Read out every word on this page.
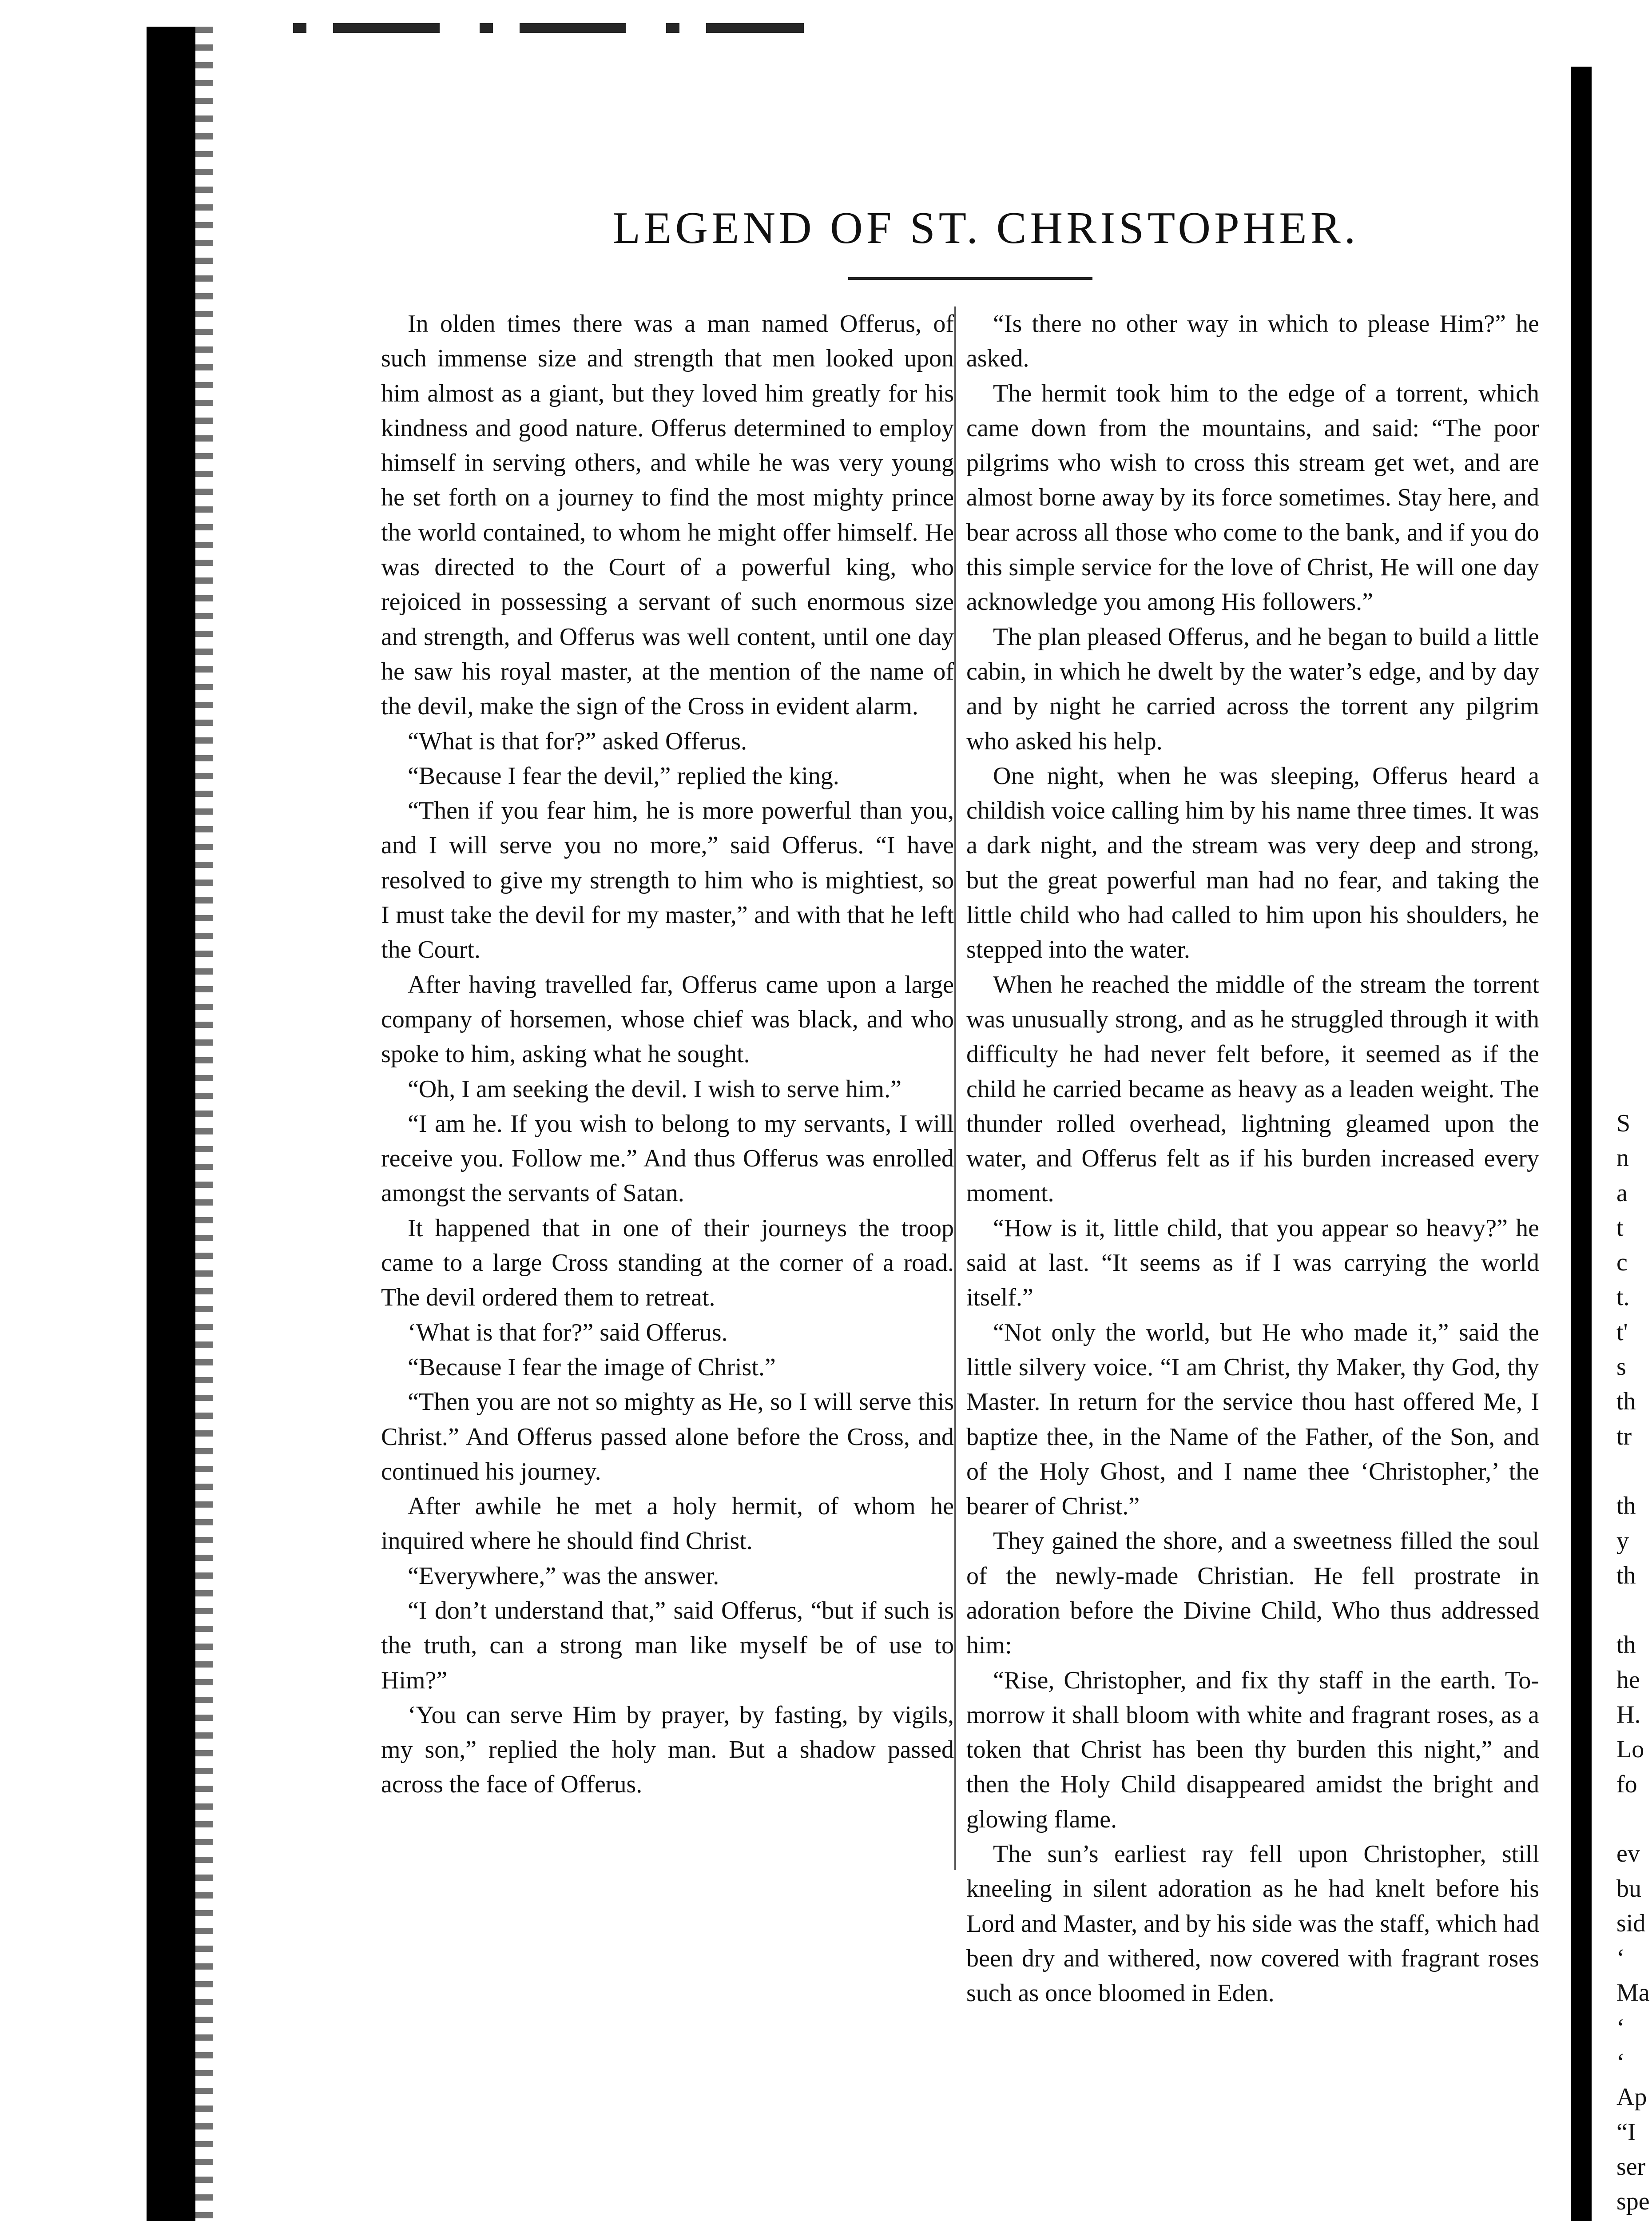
LEGEND OF ST. CHRISTOPHER.

In olden times there was a man named Offerus, of such immense size and strength that men looked upon him almost as a giant, but they loved him greatly for his kindness and good nature. Offerus determined to employ himself in serving others, and while he was very young he set forth on a journey to find the most mighty prince the world contained, to whom he might offer himself. He was directed to the Court of a powerful king, who rejoiced in possessing a servant of such enormous size and strength, and Offerus was well content, until one day he saw his royal master, at the mention of the name of the devil, make the sign of the Cross in evident alarm.

“What is that for?” asked Offerus.

“Because I fear the devil,” replied the king.

“Then if you fear him, he is more powerful than you, and I will serve you no more,” said Offerus. “I have resolved to give my strength to him who is mightiest, so I must take the devil for my master,” and with that he left the Court.

After having travelled far, Offerus came upon a large company of horsemen, whose chief was black, and who spoke to him, asking what he sought.

“Oh, I am seeking the devil. I wish to serve him.”

“I am he. If you wish to belong to my servants, I will receive you. Follow me.” And thus Offerus was enrolled amongst the servants of Satan.

It happened that in one of their journeys the troop came to a large Cross standing at the corner of a road. The devil ordered them to retreat.

‘What is that for?” said Offerus.

“Because I fear the image of Christ.”

“Then you are not so mighty as He, so I will serve this Christ.” And Offerus passed alone before the Cross, and continued his journey.

After awhile he met a holy hermit, of whom he inquired where he should find Christ.

“Everywhere,” was the answer.

“I don’t understand that,” said Offerus, “but if such is the truth, can a strong man like myself be of use to Him?”

‘You can serve Him by prayer, by fasting, by vigils, my son,” replied the holy man. But a shadow passed across the face of Offerus.

“Is there no other way in which to please Him?” he asked.

The hermit took him to the edge of a torrent, which came down from the mountains, and said: “The poor pilgrims who wish to cross this stream get wet, and are almost borne away by its force sometimes. Stay here, and bear across all those who come to the bank, and if you do this simple service for the love of Christ, He will one day acknowledge you among His followers.”

The plan pleased Offerus, and he began to build a little cabin, in which he dwelt by the water’s edge, and by day and by night he carried across the torrent any pilgrim who asked his help.

One night, when he was sleeping, Offerus heard a childish voice calling him by his name three times. It was a dark night, and the stream was very deep and strong, but the great powerful man had no fear, and taking the little child who had called to him upon his shoulders, he stepped into the water.

When he reached the middle of the stream the torrent was unusually strong, and as he struggled through it with difficulty he had never felt before, it seemed as if the child he carried became as heavy as a leaden weight. The thunder rolled overhead, lightning gleamed upon the water, and Offerus felt as if his burden increased every moment.

“How is it, little child, that you appear so heavy?” he said at last. “It seems as if I was carrying the world itself.”

“Not only the world, but He who made it,” said the little silvery voice. “I am Christ, thy Maker, thy God, thy Master. In return for the service thou hast offered Me, I baptize thee, in the Name of the Father, of the Son, and of the Holy Ghost, and I name thee ‘Christopher,’ the bearer of Christ.”

They gained the shore, and a sweetness filled the soul of the newly-made Christian. He fell prostrate in adoration before the Divine Child, Who thus addressed him:

“Rise, Christopher, and fix thy staff in the earth. To-morrow it shall bloom with white and fragrant roses, as a token that Christ has been thy burden this night,” and then the Holy Child disappeared amidst the bright and glowing flame.

The sun’s earliest ray fell upon Christopher, still kneeling in silent adoration as he had knelt before his Lord and Master, and by his side was the staff, which had been dry and withered, now covered with fragrant roses such as once bloomed in Eden.

S
n
a
t
c
t.
t'
s
th
tr
th
y
th
th
he
H.
Lo
fo
ev
bu
sid
‘
Ma
‘
‘
Ap
“I
ser
spe
